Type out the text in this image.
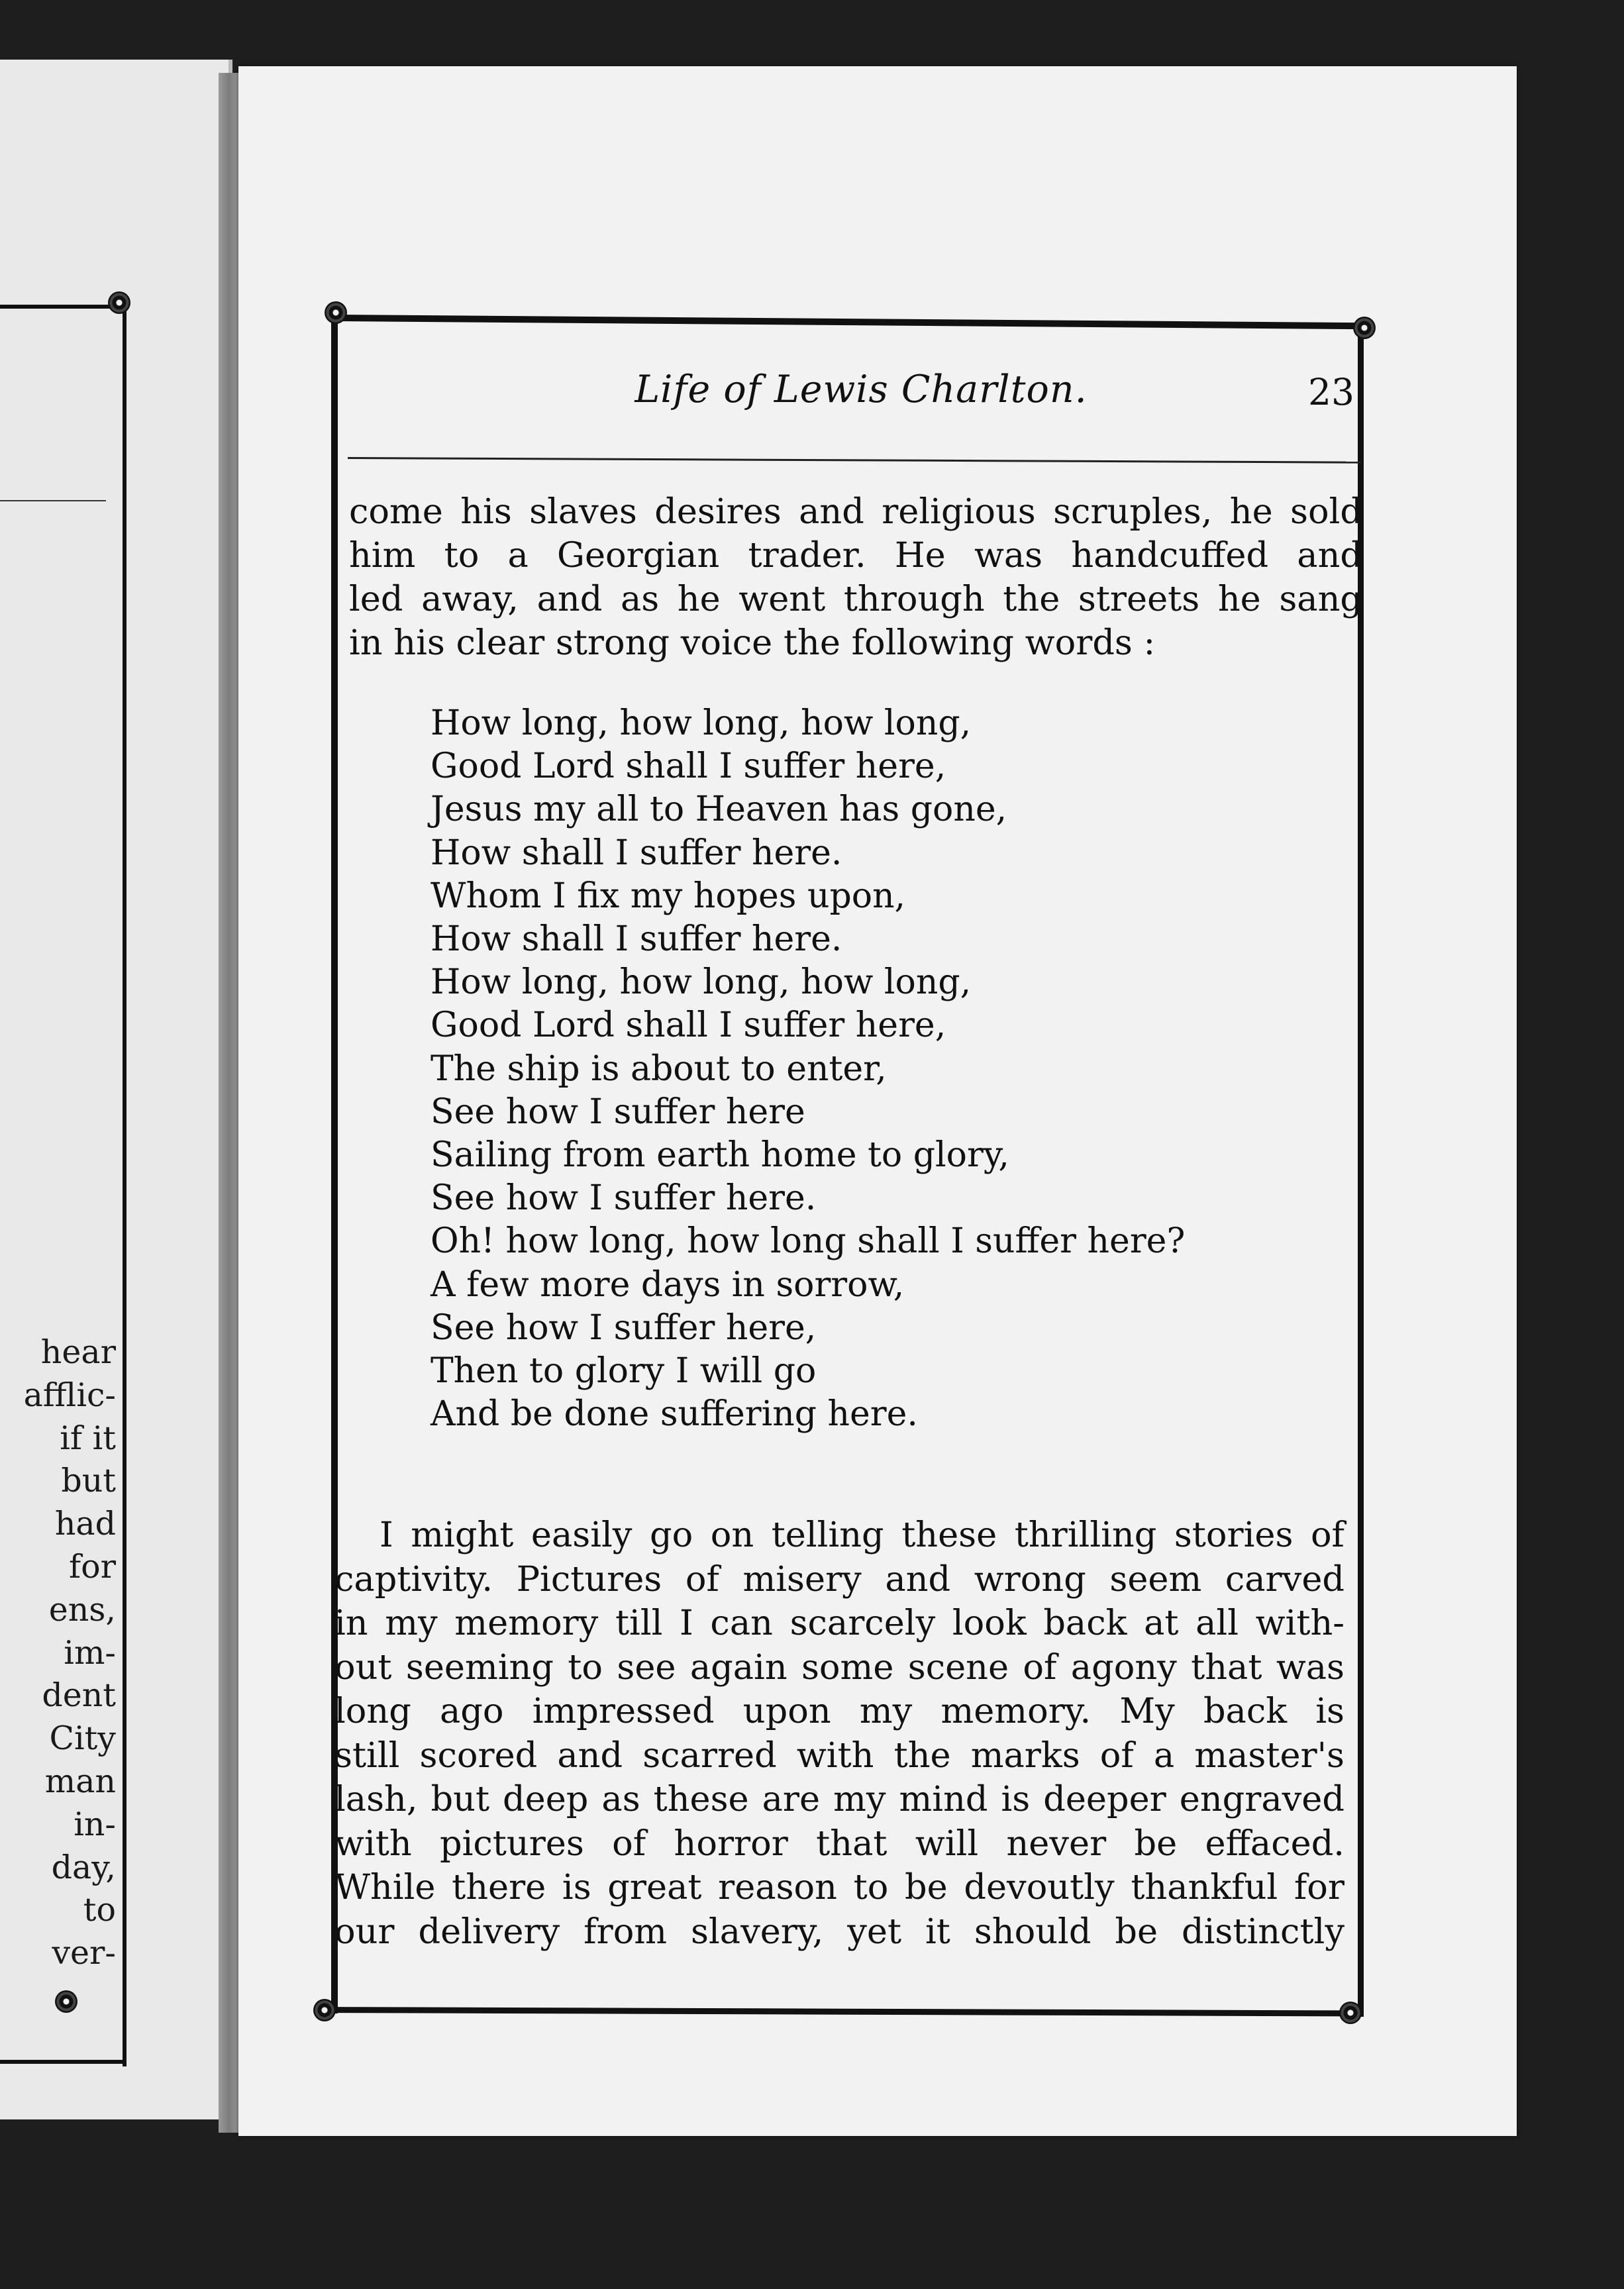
hear
afflic-
if it
but
had
for
ens,
im-
dent
City
man
in-
day,
to
ver-
Life of Lewis Charlton.	23
come his slaves desires and religious scruples, he sold
him to a Georgian trader. He was handcuffed and
led away, and as he went through the streets he sang
in his clear strong voice the following words :
How long, how long, how long,
Good Lord shall I suffer here,
Jesus my all to Heaven has gone,
How shall I suffer here.
Whom I fix my hopes upon,
How shall I suffer here.
How long, how long, how long,
Good Lord shall I suffer here,
The ship is about to enter,
See how I suffer here
Sailing from earth home to glory,
See how I suffer here.
Oh! how long, how long shall I suffer here?
A few more days in sorrow,
See how I suffer here,
Then to glory I will go
And be done suffering here.
I might easily go on telling these thrilling stories of
captivity. Pictures of misery and wrong seem carved
in my memory till I can scarcely look back at all with-
out seeming to see again some scene of agony that was
long ago impressed upon my memory. My back is
still scored and scarred with the marks of a master's
lash, but deep as these are my mind is deeper engraved
with pictures of horror that will never be effaced.
While there is great reason to be devoutly thankful for
our delivery from slavery, yet it should be distinctly
